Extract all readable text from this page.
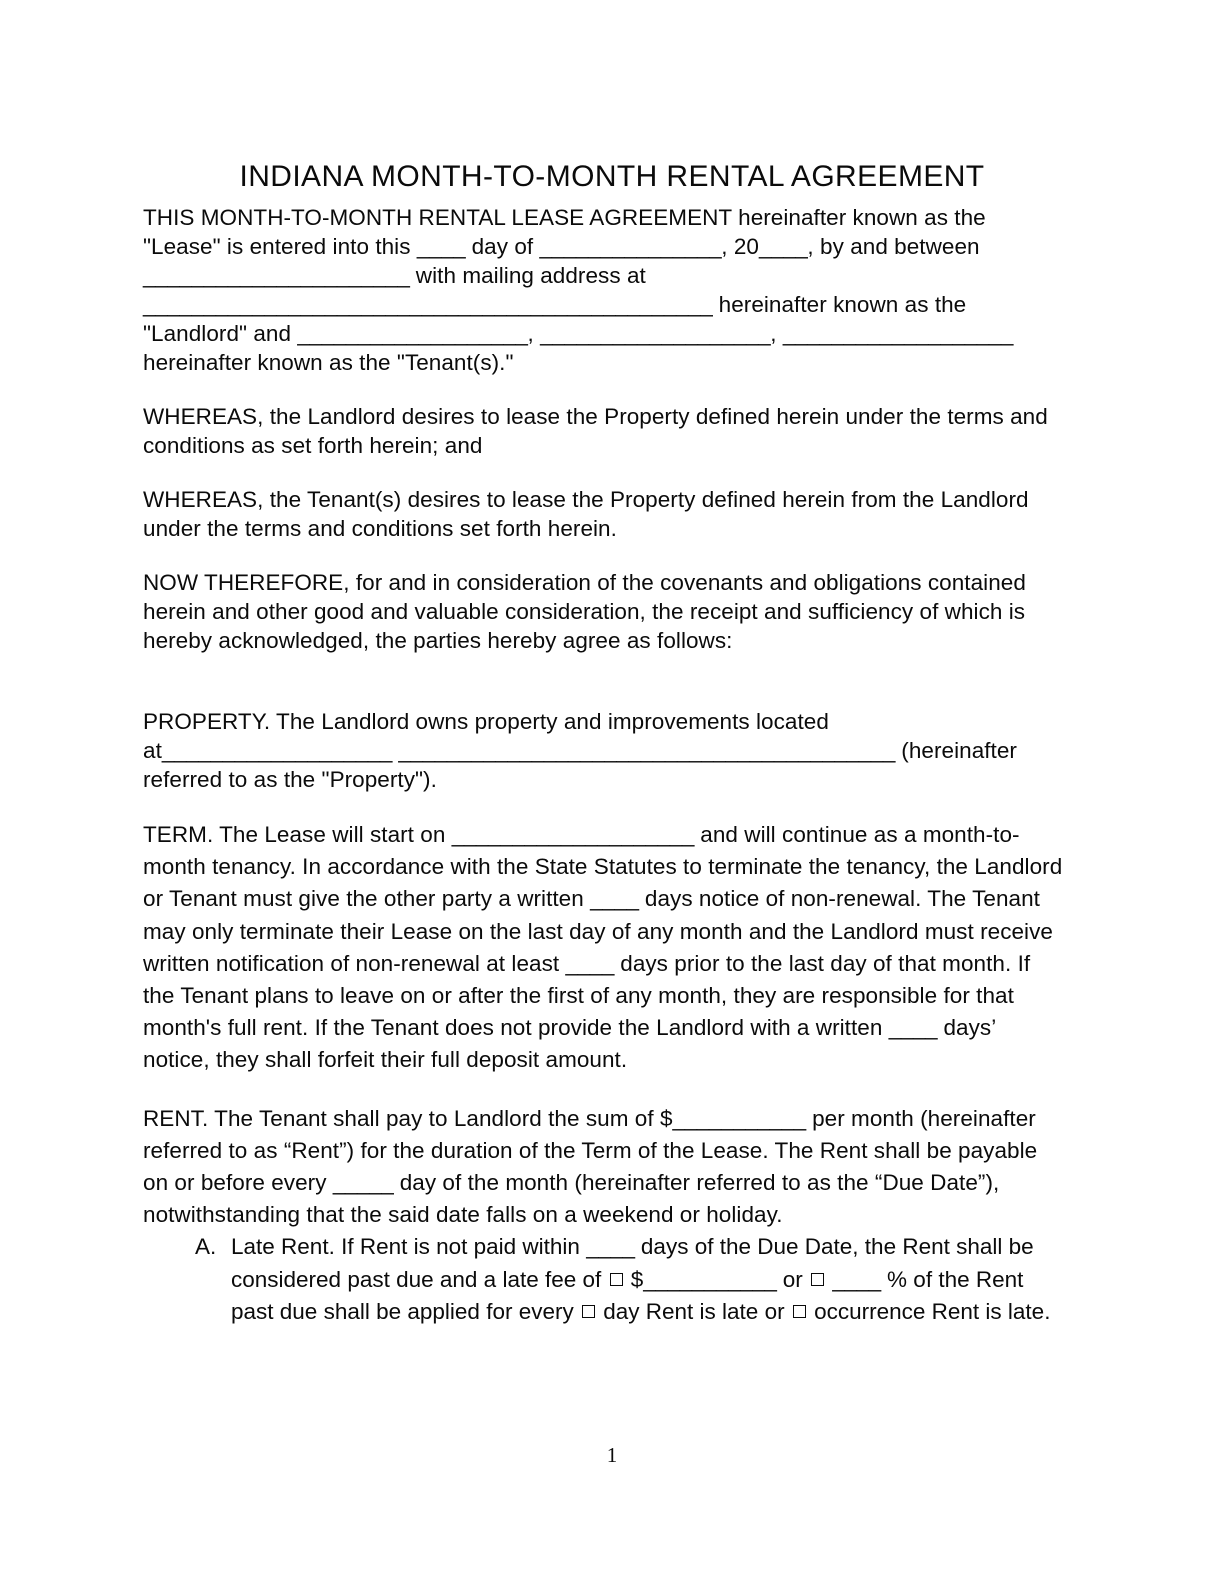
INDIANA MONTH-TO-MONTH RENTAL AGREEMENT

THIS MONTH-TO-MONTH RENTAL LEASE AGREEMENT hereinafter known as the "Lease" is entered into this ____ day of _______________, 20____, by and between ______________________ with mailing address at _______________________________________________ hereinafter known as the "Landlord" and ___________________, ___________________, ___________________ hereinafter known as the "Tenant(s)."

WHEREAS, the Landlord desires to lease the Property defined herein under the terms and conditions as set forth herein; and

WHEREAS, the Tenant(s) desires to lease the Property defined herein from the Landlord under the terms and conditions set forth herein.

NOW THEREFORE, for and in consideration of the covenants and obligations contained herein and other good and valuable consideration, the receipt and sufficiency of which is hereby acknowledged, the parties hereby agree as follows:

PROPERTY. The Landlord owns property and improvements located at___________________ _________________________________________ (hereinafter referred to as the "Property").

TERM. The Lease will start on ____________________ and will continue as a month-to-month tenancy. In accordance with the State Statutes to terminate the tenancy, the Landlord or Tenant must give the other party a written ____ days notice of non-renewal. The Tenant may only terminate their Lease on the last day of any month and the Landlord must receive written notification of non-renewal at least ____ days prior to the last day of that month. If the Tenant plans to leave on or after the first of any month, they are responsible for that month's full rent. If the Tenant does not provide the Landlord with a written ____ days’ notice, they shall forfeit their full deposit amount.

RENT. The Tenant shall pay to Landlord the sum of $___________ per month (hereinafter referred to as “Rent”) for the duration of the Term of the Lease. The Rent shall be payable on or before every _____ day of the month (hereinafter referred to as the “Due Date”), notwithstanding that the said date falls on a weekend or holiday.

A. Late Rent. If Rent is not paid within ____ days of the Due Date, the Rent shall be considered past due and a late fee of  $___________ or  ____ % of the Rent past due shall be applied for every  day Rent is late or  occurrence Rent is late.
1
